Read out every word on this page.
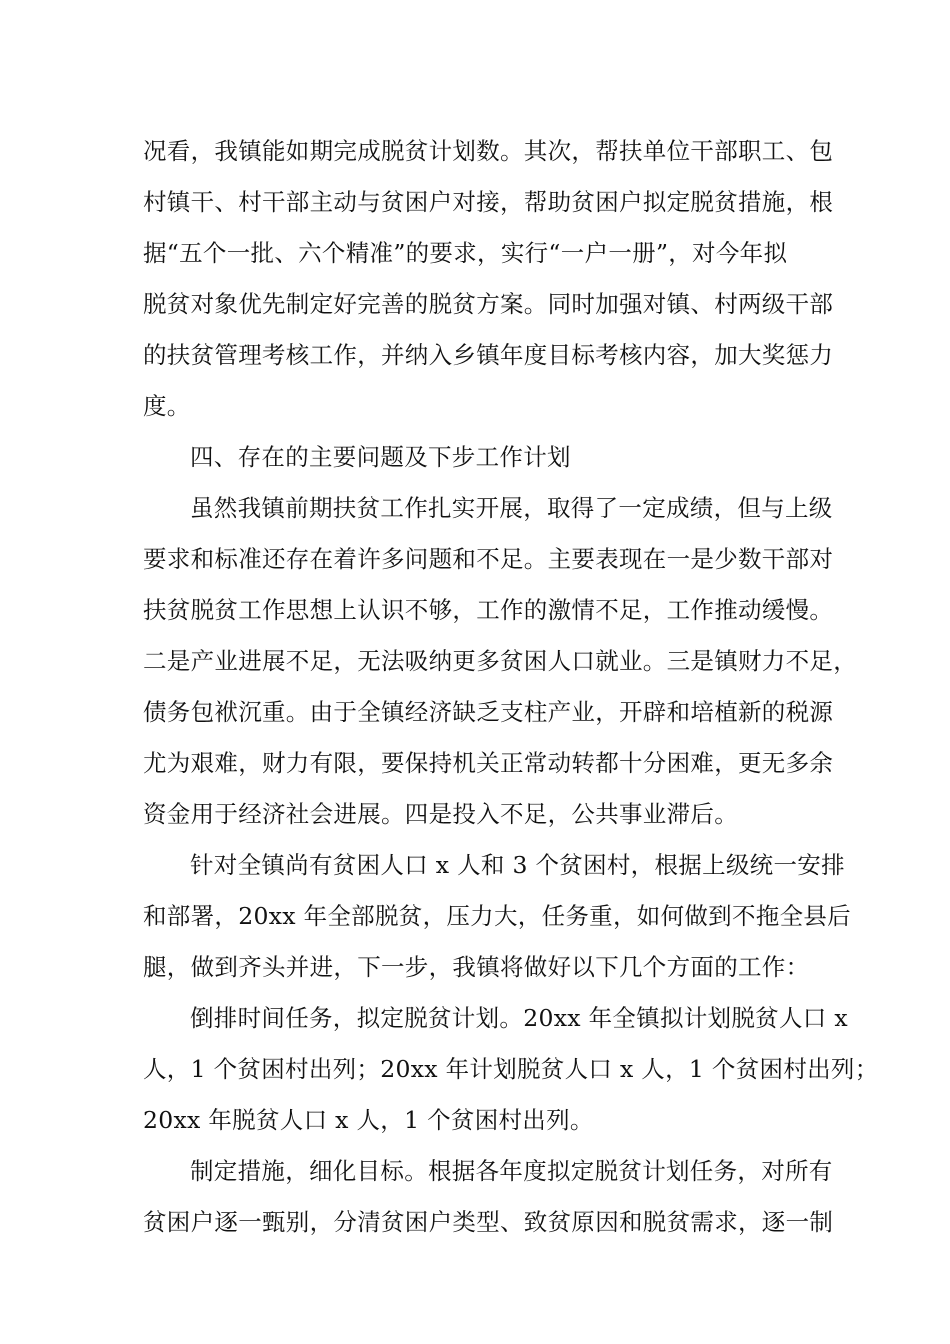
况看，我镇能如期完成脱贫计划数。其次，帮扶单位干部职工、包
村镇干、村干部主动与贫困户对接，帮助贫困户拟定脱贫措施，根
据“五个一批、六个精准”的要求，实行“一户一册”，对今年拟
脱贫对象优先制定好完善的脱贫方案。同时加强对镇、村两级干部
的扶贫管理考核工作，并纳入乡镇年度目标考核内容，加大奖惩力
度。
四、存在的主要问题及下步工作计划
虽然我镇前期扶贫工作扎实开展，取得了一定成绩，但与上级
要求和标准还存在着许多问题和不足。主要表现在一是少数干部对
扶贫脱贫工作思想上认识不够，工作的激情不足，工作推动缓慢。
二是产业进展不足，无法吸纳更多贫困人口就业。三是镇财力不足，
债务包袱沉重。由于全镇经济缺乏支柱产业，开辟和培植新的税源
尤为艰难，财力有限，要保持机关正常动转都十分困难，更无多余
资金用于经济社会进展。四是投入不足，公共事业滞后。
针对全镇尚有贫困人口 x 人和 3 个贫困村，根据上级统一安排
和部署，20xx 年全部脱贫，压力大，任务重，如何做到不拖全县后
腿，做到齐头并进，下一步，我镇将做好以下几个方面的工作：
倒排时间任务，拟定脱贫计划。20xx 年全镇拟计划脱贫人口 x
人，1 个贫困村出列；20xx 年计划脱贫人口 x 人，1 个贫困村出列；
20xx 年脱贫人口 x 人，1 个贫困村出列。
制定措施，细化目标。根据各年度拟定脱贫计划任务，对所有
贫困户逐一甄别，分清贫困户类型、致贫原因和脱贫需求，逐一制
